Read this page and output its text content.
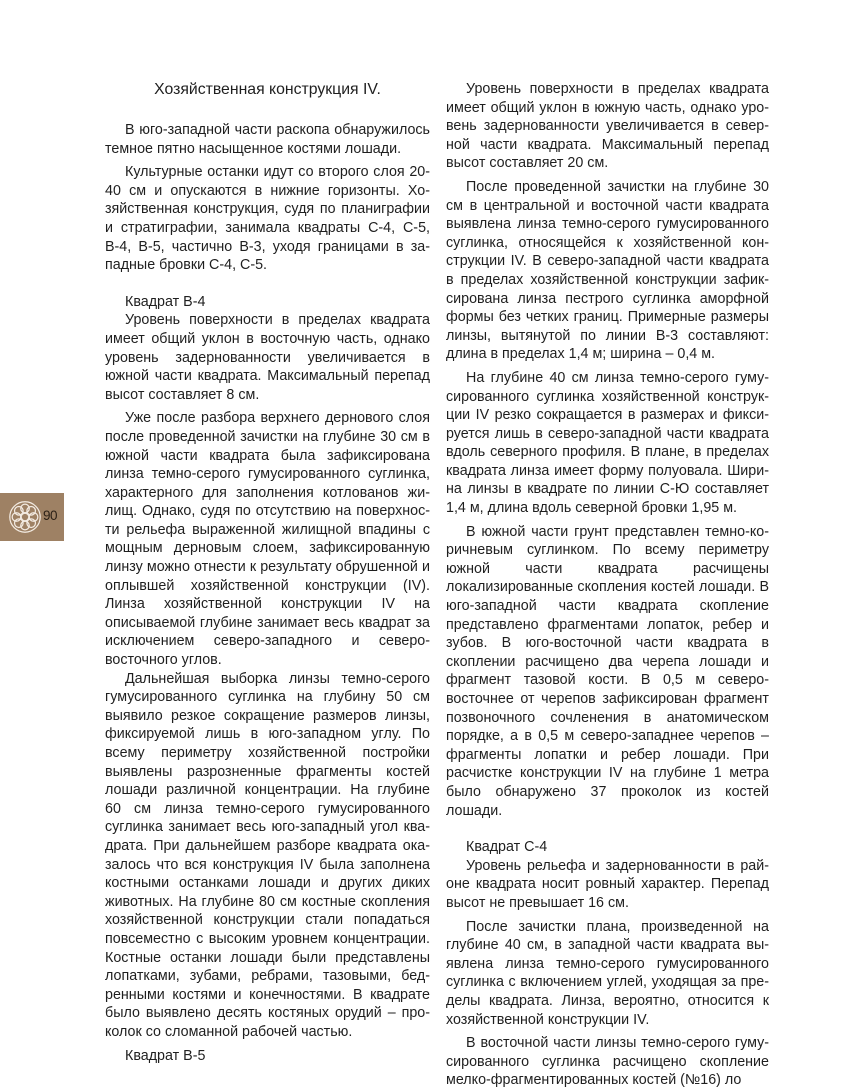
90
Хозяйственная конструкция IV.

В юго-западной части раскопа обнаружилось темное пятно насыщенное костями лошади.

Культурные останки идут со второго слоя 20-40 см и опускаются в нижние горизонты. Хозяйственная конструкция, судя по планиграфии и стратиграфии, занимала квадраты С-4, С-5, В-4, В-5, частично В-3, уходя границами в западные бровки С-4, С-5.

Квадрат В-4

Уровень поверхности в пределах квадрата имеет общий уклон в восточную часть, однако уровень задернованности увеличивается в южной части квадрата. Максимальный перепад высот составляет 8 см.

Уже после разбора верхнего дернового слоя после проведенной зачистки на глубине 30 см в южной части квадрата была зафиксирована линза темно-серого гумусированного суглинка, характерного для заполнения котлованов жилищ. Однако, судя по отсутствию на поверхности рельефа выраженной жилищной впадины с мощным дерновым слоем, зафиксированную линзу можно отнести к результату обрушенной и оплывшей хозяйственной конструкции (IV). Линза хозяйственной конструкции IV на описываемой глубине занимает весь квадрат за исключением северо-западного и северо-восточного углов.

Дальнейшая выборка линзы темно-серого гумусированного суглинка на глубину 50 см выявило резкое сокращение размеров линзы, фиксируемой лишь в юго-западном углу. По всему периметру хозяйственной постройки выявлены разрозненные фрагменты костей лошади различной концентрации. На глубине 60 см линза темно-серого гумусированного суглинка занимает весь юго-западный угол квадрата. При дальнейшем разборе квадрата оказалось что вся конструкция IV была заполнена костными останками лошади и других диких животных. На глубине 80 см костные скопления хозяйственной конструкции стали попадаться повсеместно с высоким уровнем концентрации. Костные останки лошади были представлены лопатками, зубами, ребрами, тазовыми, бедренными костями и конечностями. В квадрате было выявлено десять костяных орудий – проколок со сломанной рабочей частью.

Квадрат В-5

Уровень поверхности в пределах квадрата имеет общий уклон в южную часть, однако уровень задернованности увеличивается в северной части квадрата. Максимальный перепад высот составляет 20 см.

После проведенной зачистки на глубине 30 см в центральной и восточной части квадрата выявлена линза темно-серого гумусированного суглинка, относящейся к хозяйственной конструкции IV. В северо-западной части квадрата в пределах хозяйственной конструкции зафиксирована линза пестрого суглинка аморфной формы без четких границ. Примерные размеры линзы, вытянутой по линии В-3 составляют: длина в пределах 1,4 м; ширина – 0,4 м.

На глубине 40 см линза темно-серого гумусированного суглинка хозяйственной конструкции IV резко сокращается в размерах и фиксируется лишь в северо-западной части квадрата вдоль северного профиля. В плане, в пределах квадрата линза имеет форму полуовала. Ширина линзы в квадрате по линии С-Ю составляет 1,4 м, длина вдоль северной бровки 1,95 м.

В южной части грунт представлен темно-коричневым суглинком. По всему периметру южной части квадрата расчищены локализированные скопления костей лошади. В юго-западной части квадрата скопление представлено фрагментами лопаток, ребер и зубов. В юго-восточной части квадрата в скоплении расчищено два черепа лошади и фрагмент тазовой кости. В 0,5 м северо-восточнее от черепов зафиксирован фрагмент позвоночного сочленения в анатомическом порядке, а в 0,5 м северо-западнее черепов – фрагменты лопатки и ребер лошади. При расчистке конструкции IV на глубине 1 метра было обнаружено 37 проколок из костей лошади.

Квадрат С-4

Уровень рельефа и задернованности в районе квадрата носит ровный характер. Перепад высот не превышает 16 см.

После зачистки плана, произведенной на глубине 40 см, в западной части квадрата выявлена линза темно-серого гумусированного суглинка с включением углей, уходящая за пределы квадрата. Линза, вероятно, относится к хозяйственной конструкции IV.

В восточной части линзы темно-серого гумусированного суглинка расчищено скопление мелко-фрагментированных костей (№16) ло
